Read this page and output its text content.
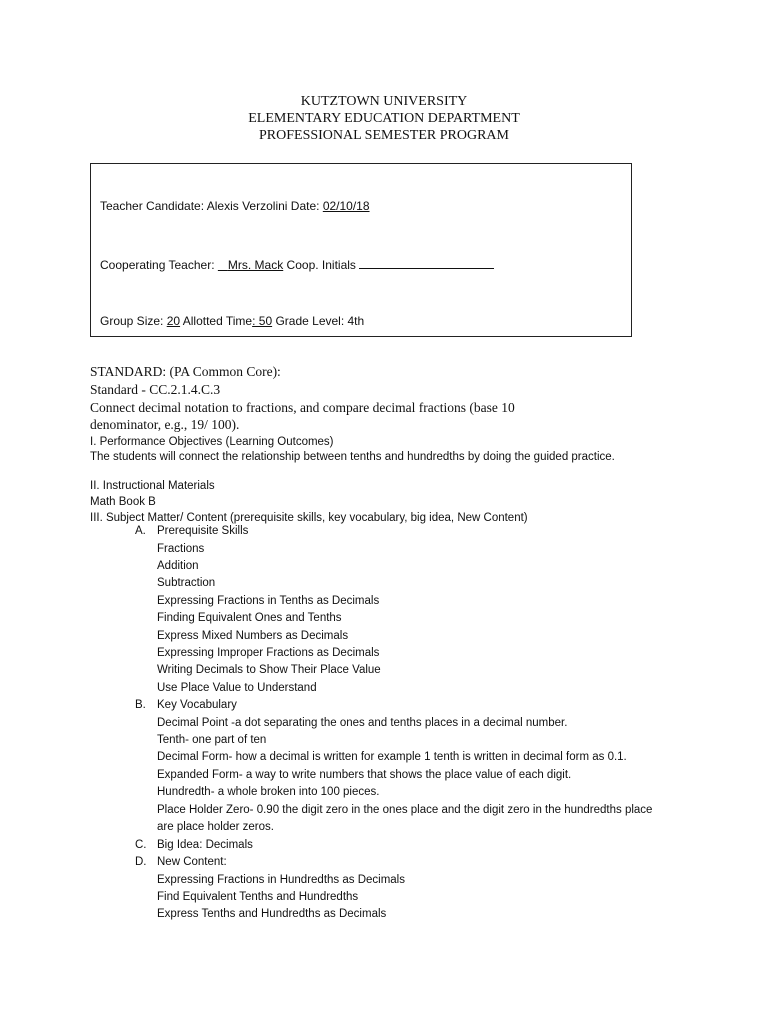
KUTZTOWN UNIVERSITY
ELEMENTARY EDUCATION DEPARTMENT
PROFESSIONAL SEMESTER PROGRAM
Teacher Candidate: Alexis Verzolini Date: 02/10/18
Cooperating Teacher:    Mrs. Mack Coop. Initials
Group Size: 20 Allotted Time: 50 Grade Level: 4th
STANDARD: (PA Common Core):
Standard - CC.2.1.4.C.3
Connect decimal notation to fractions, and compare decimal fractions (base 10
denominator, e.g., 19/ 100).
I. Performance Objectives (Learning Outcomes)
The students will connect the relationship between tenths and hundredths by doing the guided practice.
II. Instructional Materials
Math Book B
III. Subject Matter/ Content (prerequisite skills, key vocabulary, big idea, New Content)
A. Prerequisite Skills
Fractions
Addition
Subtraction
Expressing Fractions in Tenths as Decimals
Finding Equivalent Ones and Tenths
Express Mixed Numbers as Decimals
Expressing Improper Fractions as Decimals
Writing Decimals to Show Their Place Value
Use Place Value to Understand
B. Key Vocabulary
Decimal Point -a dot separating the ones and tenths places in a decimal number.
Tenth- one part of ten
Decimal Form- how a decimal is written for example 1 tenth is written in decimal form as 0.1.
Expanded Form- a way to write numbers that shows the place value of each digit.
Hundredth- a whole broken into 100 pieces.
Place Holder Zero- 0.90 the digit zero in the ones place and the digit zero in the hundredths place
are place holder zeros.
C. Big Idea: Decimals
D. New Content:
Expressing Fractions in Hundredths as Decimals
Find Equivalent Tenths and Hundredths
Express Tenths and Hundredths as Decimals
